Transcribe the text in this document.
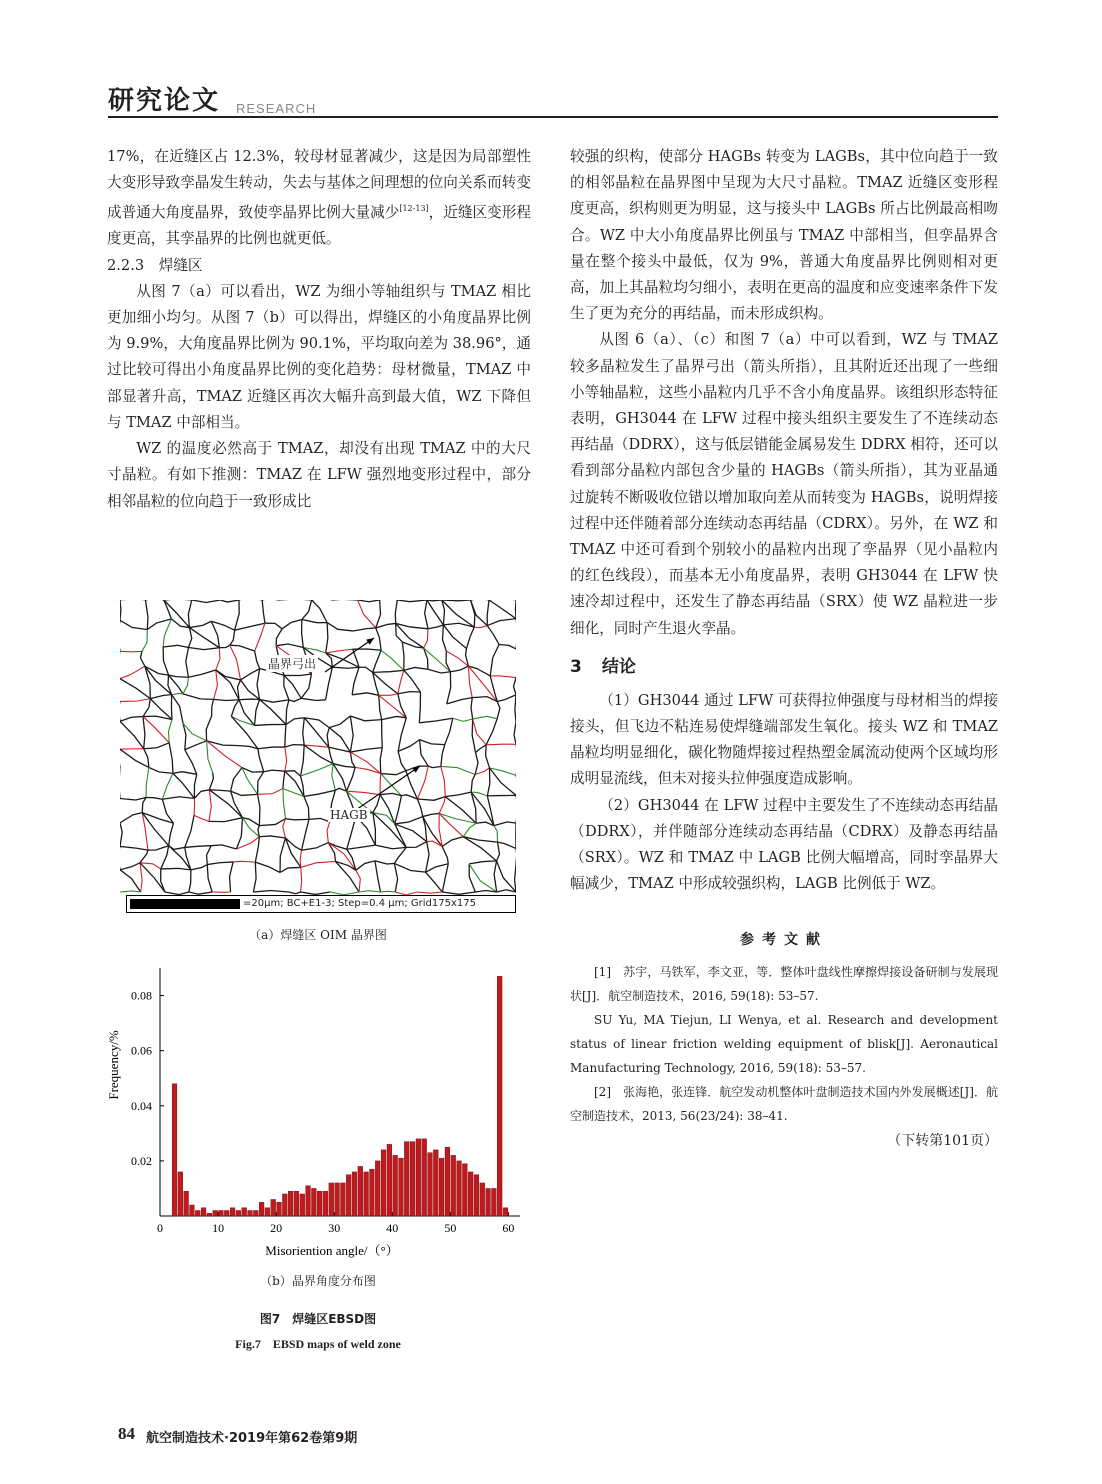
研究论文 RESEARCH

17%，在近缝区占 12.3%，较母材显著减少，这是因为局部塑性大变形导致孪晶发生转动，失去与基体之间理想的位向关系而转变成普通大角度晶界，致使孪晶界比例大量减少[12-13]，近缝区变形程度更高，其孪晶界的比例也就更低。

2.2.3　焊缝区

从图 7（a）可以看出，WZ 为细小等轴组织与 TMAZ 相比更加细小均匀。从图 7（b）可以得出，焊缝区的小角度晶界比例为 9.9%，大角度晶界比例为 90.1%，平均取向差为 38.96°，通过比较可得出小角度晶界比例的变化趋势：母材微量，TMAZ 中部显著升高，TMAZ 近缝区再次大幅升高到最大值，WZ 下降但与 TMAZ 中部相当。

WZ 的温度必然高于 TMAZ，却没有出现 TMAZ 中的大尺寸晶粒。有如下推测：TMAZ 在 LFW 强烈地变形过程中，部分相邻晶粒的位向趋于一致形成比

晶界弓出
HAGB
=20μm; BC+E1-3; Step=0.4 μm; Grid175x175
（a）焊缝区 OIM 晶界图
0	10	20	30	40	50	60
0.02
0.04
0.06
0.08
Misoriention angle/（°）
Frequency/%
（b）晶界角度分布图
图7　焊缝区EBSD图
Fig.7　EBSD maps of weld zone

较强的织构，使部分 HAGBs 转变为 LAGBs，其中位向趋于一致的相邻晶粒在晶界图中呈现为大尺寸晶粒。TMAZ 近缝区变形程度更高，织构则更为明显，这与接头中 LAGBs 所占比例最高相吻合。WZ 中大小角度晶界比例虽与 TMAZ 中部相当，但孪晶界含量在整个接头中最低，仅为 9%，普通大角度晶界比例则相对更高，加上其晶粒均匀细小，表明在更高的温度和应变速率条件下发生了更为充分的再结晶，而未形成织构。

从图 6（a）、（c）和图 7（a）中可以看到，WZ 与 TMAZ 较多晶粒发生了晶界弓出（箭头所指），且其附近还出现了一些细小等轴晶粒，这些小晶粒内几乎不含小角度晶界。该组织形态特征表明，GH3044 在 LFW 过程中接头组织主要发生了不连续动态再结晶（DDRX），这与低层错能金属易发生 DDRX 相符，还可以看到部分晶粒内部包含少量的 HAGBs（箭头所指），其为亚晶通过旋转不断吸收位错以增加取向差从而转变为 HAGBs，说明焊接过程中还伴随着部分连续动态再结晶（CDRX）。另外，在 WZ 和 TMAZ 中还可看到个别较小的晶粒内出现了孪晶界（见小晶粒内的红色线段），而基本无小角度晶界，表明 GH3044 在 LFW 快速冷却过程中，还发生了静态再结晶（SRX）使 WZ 晶粒进一步细化，同时产生退火孪晶。

3 结论

（1）GH3044 通过 LFW 可获得拉伸强度与母材相当的焊接接头，但飞边不粘连易使焊缝端部发生氧化。接头 WZ 和 TMAZ 晶粒均明显细化，碳化物随焊接过程热塑金属流动使两个区域均形成明显流线，但未对接头拉伸强度造成影响。

（2）GH3044 在 LFW 过程中主要发生了不连续动态再结晶（DDRX），并伴随部分连续动态再结晶（CDRX）及静态再结晶（SRX）。WZ 和 TMAZ 中 LAGB 比例大幅增高，同时孪晶界大幅减少，TMAZ 中形成较强织构，LAGB 比例低于 WZ。

参考文献

[1]　苏宇，马铁军，李文亚，等．整体叶盘线性摩擦焊接设备研制与发展现状[J]．航空制造技术，2016, 59(18): 53–57.

SU Yu, MA Tiejun, LI Wenya, et al. Research and development status of linear friction welding equipment of blisk[J]. Aeronautical Manufacturing Technology, 2016, 59(18): 53–57.

[2]　张海艳，张连锋．航空发动机整体叶盘制造技术国内外发展概述[J]．航空制造技术，2013, 56(23/24): 38–41.

（下转第101页）

84 航空制造技术·2019年第62卷第9期
